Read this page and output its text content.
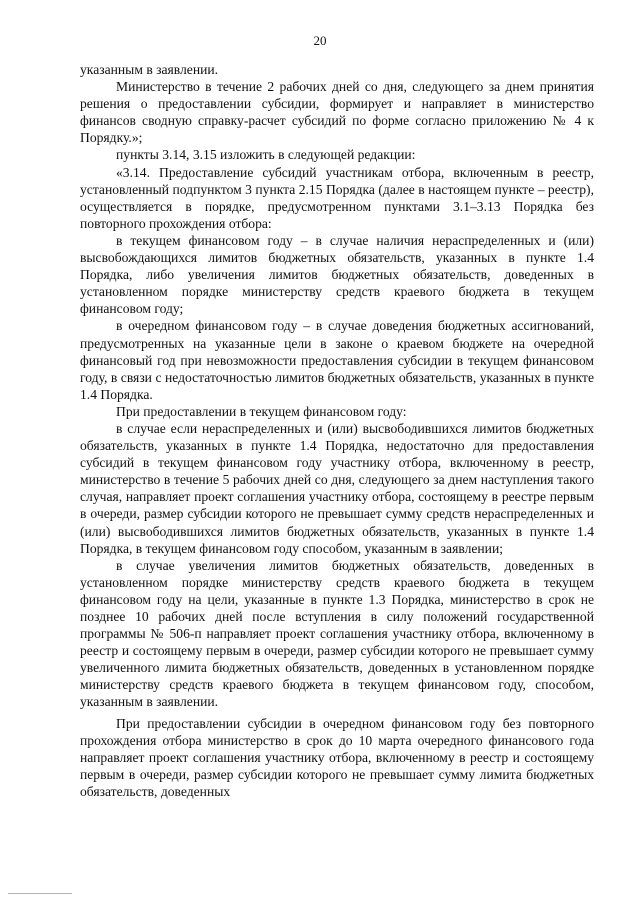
20

указанным в заявлении.

Министерство в течение 2 рабочих дней со дня, следующего за днем принятия решения о предоставлении субсидии, формирует и направляет в министерство финансов сводную справку-расчет субсидий по форме согласно приложению № 4 к Порядку.»;

пункты 3.14, 3.15 изложить в следующей редакции:

«3.14. Предоставление субсидий участникам отбора, включенным в реестр, установленный подпунктом 3 пункта 2.15 Порядка (далее в настоящем пункте – реестр), осуществляется в порядке, предусмотренном пунктами 3.1–3.13 Порядка без повторного прохождения отбора:

в текущем финансовом году – в случае наличия нераспределенных и (или) высвобождающихся лимитов бюджетных обязательств, указанных в пункте 1.4 Порядка, либо увеличения лимитов бюджетных обязательств, доведенных в установленном порядке министерству средств краевого бюджета в текущем финансовом году;

в очередном финансовом году – в случае доведения бюджетных ассигнований, предусмотренных на указанные цели в законе о краевом бюджете на очередной финансовый год при невозможности предоставления субсидии в текущем финансовом году, в связи с недостаточностью лимитов бюджетных обязательств, указанных в пункте 1.4 Порядка.

При предоставлении в текущем финансовом году:

в случае если нераспределенных и (или) высвободившихся лимитов бюджетных обязательств, указанных в пункте 1.4 Порядка, недостаточно для предоставления субсидий в текущем финансовом году участнику отбора, включенному в реестр, министерство в течение 5 рабочих дней со дня, следующего за днем наступления такого случая, направляет проект соглашения участнику отбора, состоящему в реестре первым в очереди, размер субсидии которого не превышает сумму средств нераспределенных и (или) высвободившихся лимитов бюджетных обязательств, указанных в пункте 1.4 Порядка, в текущем финансовом году способом, указанным в заявлении;

в случае увеличения лимитов бюджетных обязательств, доведенных в установленном порядке министерству средств краевого бюджета в текущем финансовом году на цели, указанные в пункте 1.3 Порядка, министерство в срок не позднее 10 рабочих дней после вступления в силу положений государственной программы № 506-п направляет проект соглашения участнику отбора, включенному в реестр и состоящему первым в очереди, размер субсидии которого не превышает сумму увеличенного лимита бюджетных обязательств, доведенных в установленном порядке министерству средств краевого бюджета в текущем финансовом году, способом, указанным в заявлении.

При предоставлении субсидии в очередном финансовом году без повторного прохождения отбора министерство в срок до 10 марта очередного финансового года направляет проект соглашения участнику отбора, включенному в реестр и состоящему первым в очереди, размер субсидии которого не превышает сумму лимита бюджетных обязательств, доведенных
